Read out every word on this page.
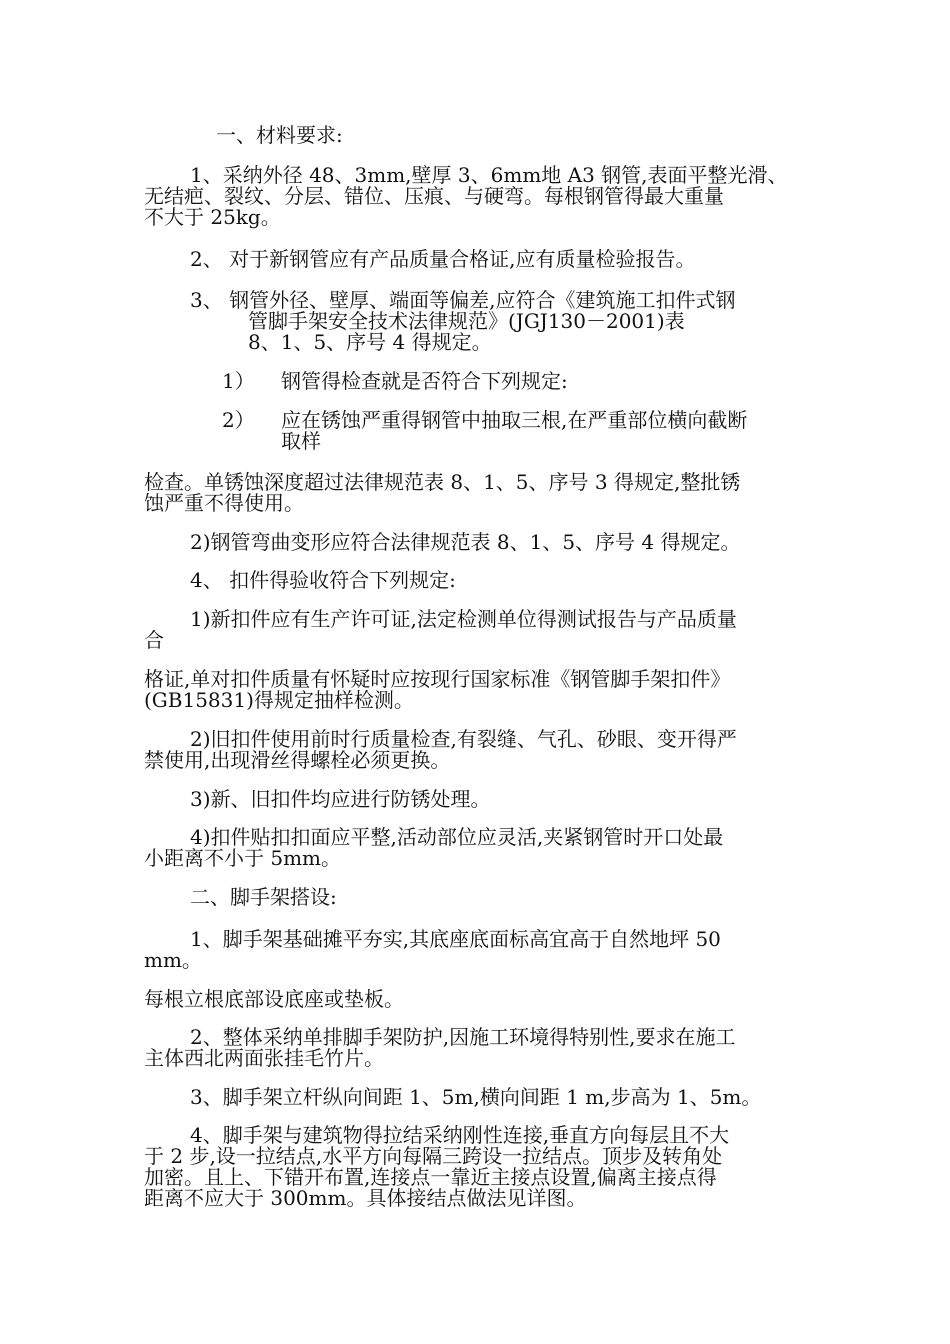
一、材料要求:
1、采纳外径 48、3mm,壁厚 3、6mm地 A3 钢管,表面平整光滑、
无结疤、裂纹、分层、错位、压痕、与硬弯。每根钢管得最大重量
不大于 25kg。
2、 对于新钢管应有产品质量合格证,应有质量检验报告。
3、 钢管外径、壁厚、端面等偏差,应符合《建筑施工扣件式钢
管脚手架安全技术法律规范》(JGJ130－2001)表
8、1、5、序号 4 得规定。
1） 钢管得检查就是否符合下列规定:
2） 应在锈蚀严重得钢管中抽取三根,在严重部位横向截断
取样
检查。单锈蚀深度超过法律规范表 8、1、5、序号 3 得规定,整批锈
蚀严重不得使用。
2)钢管弯曲变形应符合法律规范表 8、1、5、序号 4 得规定。
4、 扣件得验收符合下列规定:
1)新扣件应有生产许可证,法定检测单位得测试报告与产品质量
合
格证,单对扣件质量有怀疑时应按现行国家标准《钢管脚手架扣件》
(GB15831)得规定抽样检测。
2)旧扣件使用前时行质量检查,有裂缝、气孔、砂眼、变开得严
禁使用,出现滑丝得螺栓必须更换。
3)新、旧扣件均应进行防锈处理。
4)扣件贴扣扣面应平整,活动部位应灵活,夹紧钢管时开口处最
小距离不小于 5mm。
二、脚手架搭设:
1、脚手架基础摊平夯实,其底座底面标高宜高于自然地坪 50
mm。
每根立根底部设底座或垫板。
2、整体采纳单排脚手架防护,因施工环境得特别性,要求在施工
主体西北两面张挂毛竹片。
3、脚手架立杆纵向间距 1、5m,横向间距 1 m,步高为 1、5m。
4、脚手架与建筑物得拉结采纳刚性连接,垂直方向每层且不大
于 2 步,设一拉结点,水平方向每隔三跨设一拉结点。顶步及转角处
加密。且上、下错开布置,连接点一靠近主接点设置,偏离主接点得
距离不应大于 300mm。具体接结点做法见详图。
